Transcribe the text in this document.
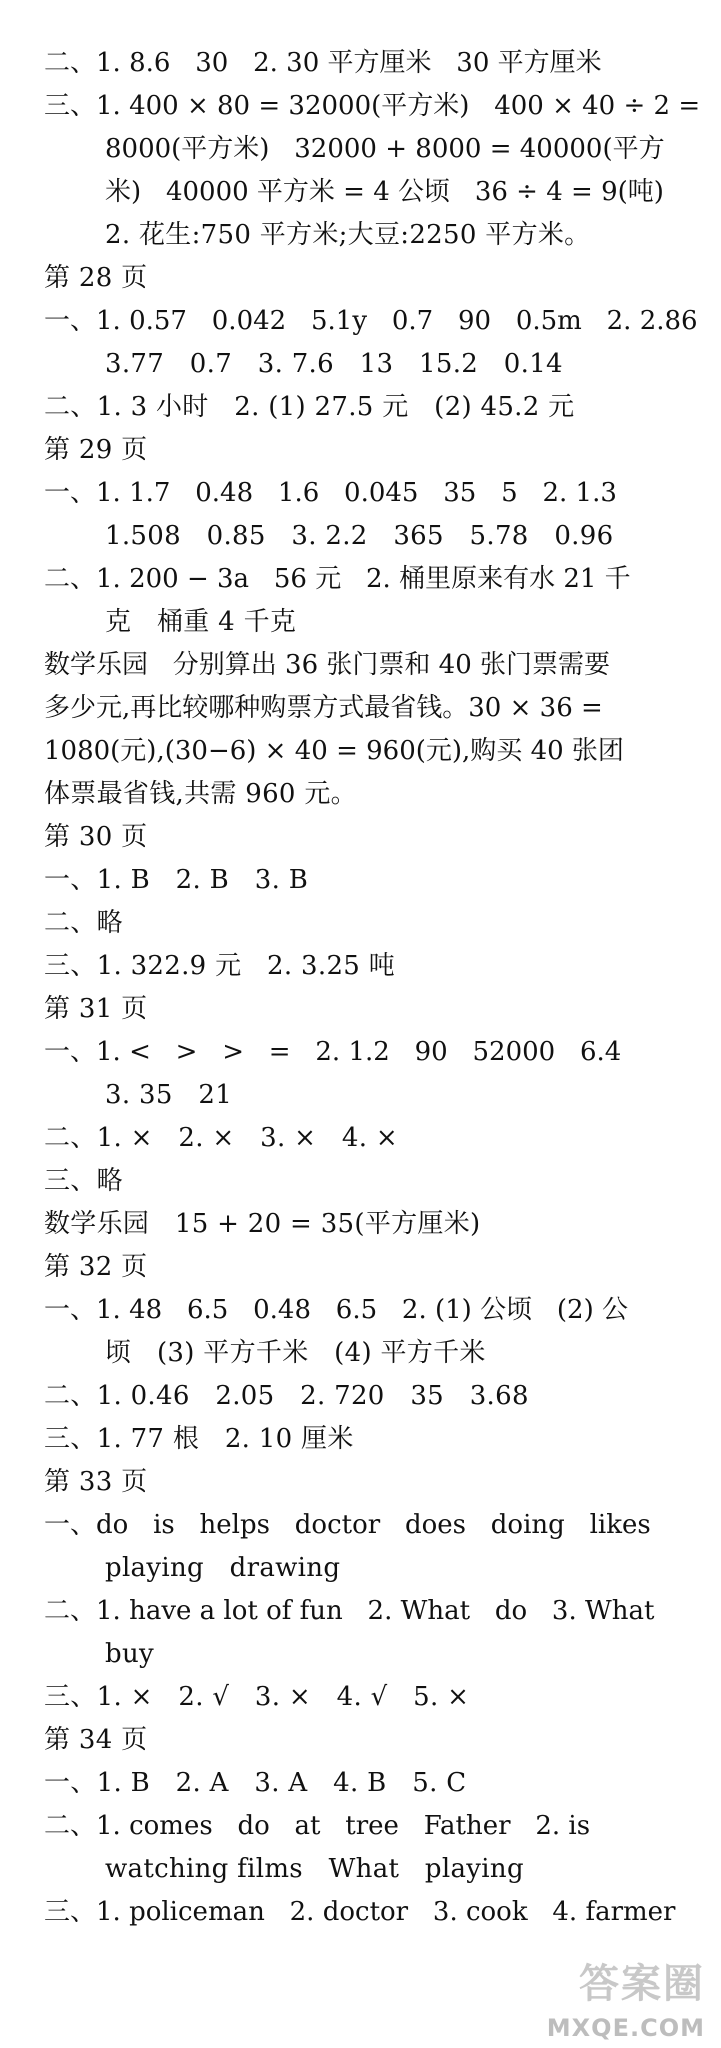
二、1. 8.6   30   2. 30 平方厘米   30 平方厘米
三、1. 400 × 80 = 32000(平方米)   400 × 40 ÷ 2 =
8000(平方米)   32000 + 8000 = 40000(平方
米)   40000 平方米 = 4 公顷   36 ÷ 4 = 9(吨)
2. 花生:750 平方米;大豆:2250 平方米。
第 28 页
一、1. 0.57   0.042   5.1y   0.7   90   0.5m   2. 2.86
3.77   0.7   3. 7.6   13   15.2   0.14
二、1. 3 小时   2. (1) 27.5 元   (2) 45.2 元
第 29 页
一、1. 1.7   0.48   1.6   0.045   35   5   2. 1.3
1.508   0.85   3. 2.2   365   5.78   0.96
二、1. 200 − 3a   56 元   2. 桶里原来有水 21 千
克   桶重 4 千克
数学乐园   分别算出 36 张门票和 40 张门票需要
多少元,再比较哪种购票方式最省钱。30 × 36 =
1080(元),(30−6) × 40 = 960(元),购买 40 张团
体票最省钱,共需 960 元。
第 30 页
一、1. B   2. B   3. B
二、略
三、1. 322.9 元   2. 3.25 吨
第 31 页
一、1. <   >   >   =   2. 1.2   90   52000   6.4
3. 35   21
二、1. ×   2. ×   3. ×   4. ×
三、略
数学乐园   15 + 20 = 35(平方厘米)
第 32 页
一、1. 48   6.5   0.48   6.5   2. (1) 公顷   (2) 公
顷   (3) 平方千米   (4) 平方千米
二、1. 0.46   2.05   2. 720   35   3.68
三、1. 77 根   2. 10 厘米
第 33 页
一、do   is   helps   doctor   does   doing   likes
playing   drawing
二、1. have a lot of fun   2. What   do   3. What
buy
三、1. ×   2. √   3. ×   4. √   5. ×
第 34 页
一、1. B   2. A   3. A   4. B   5. C
二、1. comes   do   at   tree   Father   2. is
watching films   What   playing
三、1. policeman   2. doctor   3. cook   4. farmer
答案圈
MXQE.COM
